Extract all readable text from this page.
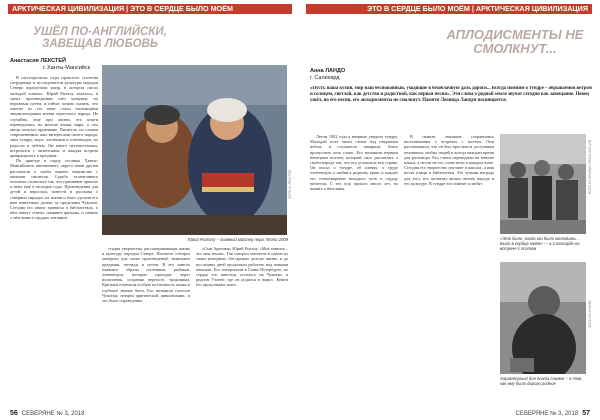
АРКТИЧЕСКАЯ ЦИВИЛИЗАЦИЯ | ЭТО В СЕРДЦЕ БЫЛО МОЁМ
УШЁЛ ПО-АНГЛИЙСКИ, ЗАВЕЩАВ ЛЮБОВЬ
Анастасия ЛЕКСТЕЙ
г. Ханты-Мансийск

В шестидесятые годы прошлого столетия сотрудники и исследователи культуры народов Севера определили жанр, в котором писал молодой эскимос. Юрий Рытхэу, казалось, в своих произведениях шёл мощным, но неровным путём, и сейчас можно сказать, что многие из его книг стали настоящими энциклопедиями жизни чукотского народа. Не случайно, ещё при жизни, его книги переводились на многие языки мира, а сам автор получал признание. Писатель, по словам современников, жил интересами своего народа, знал тундру, море, охотников и оленеводов, их радости и заботы. Он много путешествовал, встречался с читателями, и каждая встреча превращалась в праздник.

По приезде в город столицы Ханты-Мансийского автономного округа наши друзья рассказали о своём первом знакомстве с книгами писателя. Судьба талантливого человека сложилась так, что признание пришло к нему ещё в молодые годы. Произведения для детей и взрослых, повести и рассказы о северных народах, их жизни и быте сделали его имя известным далеко за пределами Чукотки. Сегодня его книги хранятся в библиотеках, о нём пишут статьи, снимают фильмы, и память о нём жива в сердцах земляков.

ФОТО А. ЛЕКСТЕЙ
Юрий Рытхэу – главный мастер пера. Фото 2009

стадия творчества, рассматривающая жизнь и культуру народов Севера. Писатель собирал материал для своих произведений, записывал предания, легенды и песни. В его книгах оживают образы охотников, рыбаков, оленеводов, которые проходят через испытания, сохраняя верность традициям. Критики отмечали особую поэтичность языка и глубокое знание быта. Его называли голосом Чукотки, певцом арктической цивилизации, и это было справедливо.

«Сын Арктики» Юрий Рытхэу. «Моё главное – это моя земля». Так говорил писатель в одном из своих интервью. Он прожил долгую жизнь, и до последних дней продолжал работать над новыми книгами. Его похоронили в Санкт-Петербурге, но сердце его навсегда осталось на Чукотке, в родном Уэлене, где он родился и вырос. Книги его продолжают жить.

56 СЕВЕРЯНЕ № 3, 2018
ЭТО В СЕРДЦЕ БЫЛО МОЁМ | АРКТИЧЕСКАЯ ЦИВИЛИЗАЦИЯ
АПЛОДИСМЕНТЫ НЕ СМОЛКНУТ...
Анна ЛАНДО
г. Салехард
«Пусть наша кухня, мир наш беспокойный, уходящие в безоблачную даль дороги... Всегда помним о тундре – обрываемой ветром и солнцем, светлой, как детство и радостной, как первая песня». Эти слова о родной земле звучат сегодня как завещание. Певец ушёл, но его песни, его аплодисменты не смолкнут. Памяти Леонида Лапцуя посвящается.

Летом 1982 года я впервые увидела тундру. Молодой поэт читал стихи под открытым небом, и слушатели замирали, боясь пропустить хоть слово. Его называли первым ненецким поэтом, который смог рассказать о своём народе так, что его услышала вся страна. Он писал о тундре, об оленях, о труде оленеводов, о любви к родному краю, и каждое его стихотворение находило путь к сердцу читателя. С тех пор прошло много лет, но память о нём жива.

В памяти земляков сохранились воспоминания о встречах с поэтом. Они рассказывали, что он был простым и доступным человеком, любил людей и всегда находил время для разговора. Его стихи переводили на многие языки, а песни на его слова пели в каждом чуме. Сегодня его творчество изучают в школах, а имя носят улицы и библиотеки. Это лучшая награда для того, кто посвятил жизнь своему народу и его культуре. В тундре его помнят и любят.	ФОТО ИЗ АРХИВА СЕМЬИ ЛАПЦУЙ
«Это было, когда мы были молодыми... Было в сердце моём» — в Салехарде на встрече с поэтом
ФОТО ИЗ АРХИВА
Характерный для поэта снимок – о том, как ему было дорого родное
СЕВЕРЯНЕ № 3, 2018 57
